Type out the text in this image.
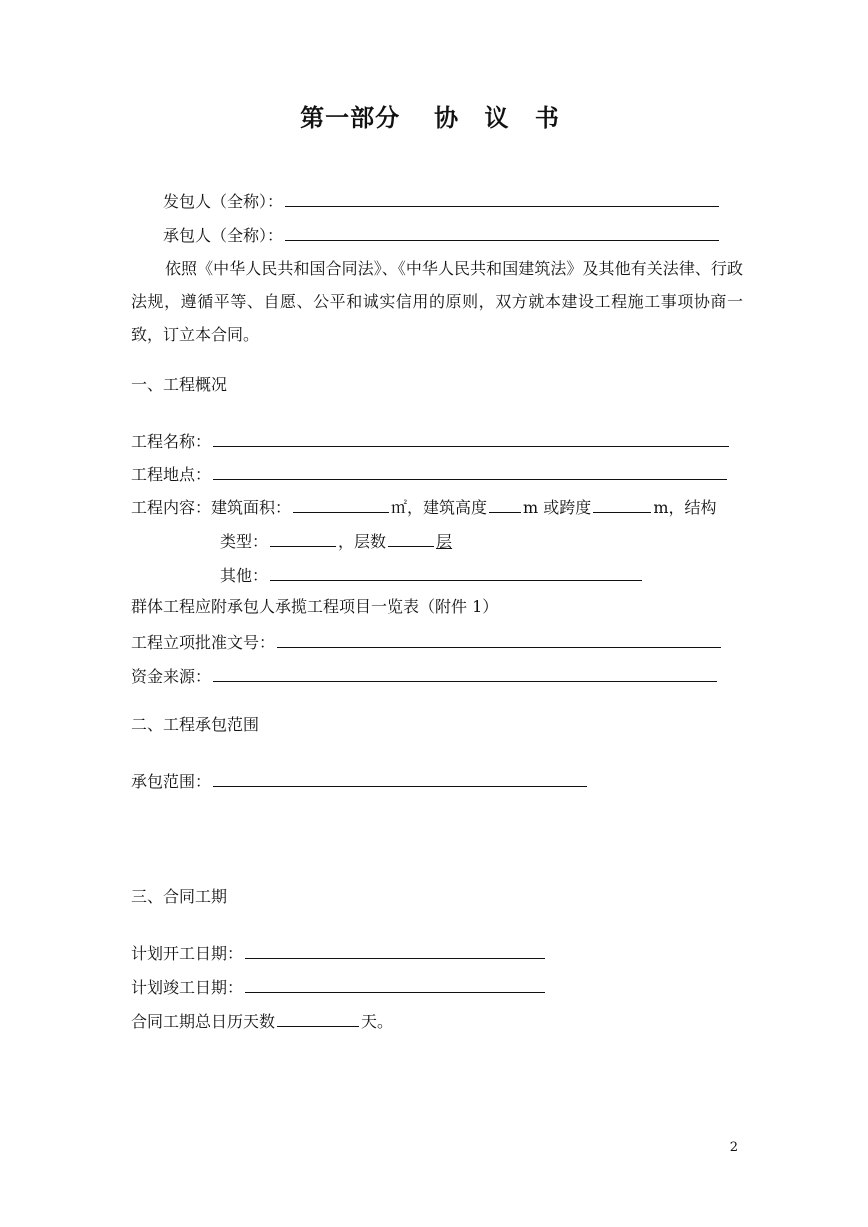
第一部分 协 议 书
发包人（全称）：
承包人（全称）：
依照《中华人民共和国合同法》、《中华人民共和国建筑法》及其他有关法律、行政法规，遵循平等、自愿、公平和诚实信用的原则，双方就本建设工程施工事项协商一致，订立本合同。
一、工程概况
工程名称：
工程地点：
工程内容：建筑面积：	㎡，建筑高度 m 或跨度	m，结构
类型：	，层数	层
其他：
群体工程应附承包人承揽工程项目一览表（附件 1）
工程立项批准文号：
资金来源：
二、工程承包范围
承包范围：
三、合同工期
计划开工日期：
计划竣工日期：
合同工期总日历天数	天。
2
